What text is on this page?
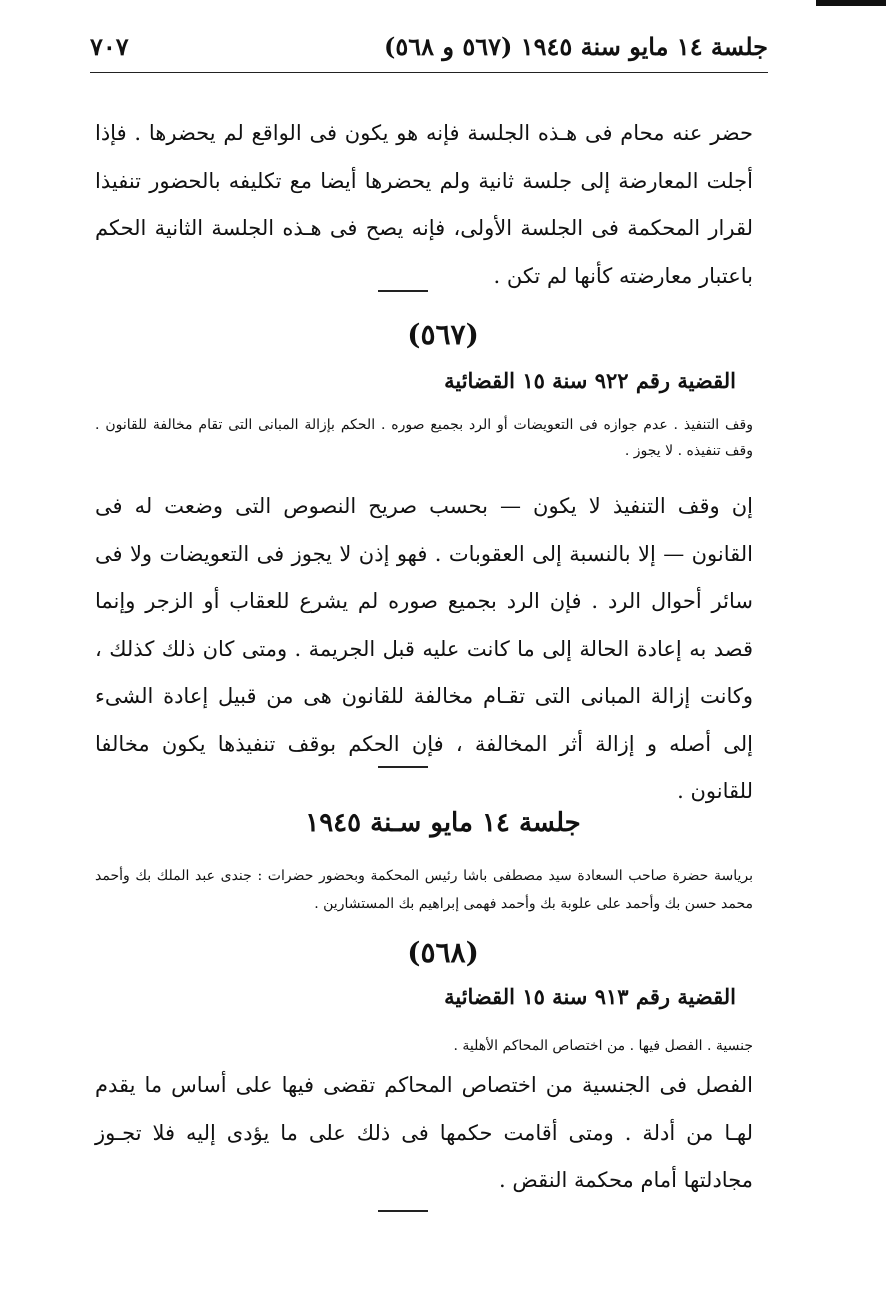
جلسة ١٤ مايو سنة ١٩٤٥ (٥٦٧ و ٥٦٨)
٧٠٧
حضر عنه محام فى هـذه الجلسة فإنه هو يكون فى الواقع لم يحضرها . فإذا أجلت المعارضة إلى جلسة ثانية ولم يحضرها أيضا مع تكليفه بالحضور تنفيذا لقرار المحكمة فى الجلسة الأولى، فإنه يصح فى هـذه الجلسة الثانية الحكم باعتبار معارضته كأنها لم تكن .
(٥٦٧)
القضية رقم ٩٢٢ سنة ١٥ القضائية
وقف التنفيذ . عدم جوازه فى التعويضات أو الرد بجميع صوره . الحكم بإزالة المبانى التى تقام مخالفة للقانون . وقف تنفيذه . لا يجوز .
إن وقف التنفيذ لا يكون — بحسب صريح النصوص التى وضعت له فى القانون — إلا بالنسبة إلى العقوبات . فهو إذن لا يجوز فى التعويضات ولا فى سائر أحوال الرد . فإن الرد بجميع صوره لم يشرع للعقاب أو الزجر وإنما قصد به إعادة الحالة إلى ما كانت عليه قبل الجريمة . ومتى كان ذلك كذلك ، وكانت إزالة المبانى التى تقـام مخالفة للقانون هى من قبيل إعادة الشىء إلى أصله و إزالة أثر المخالفة ، فإن الحكم بوقف تنفيذها يكون مخالفا للقانون .
جلسة ١٤ مايو سـنة ١٩٤٥
برياسة حضرة صاحب السعادة سيد مصطفى باشا رئيس المحكمة وبحضور حضرات : جندى عبد الملك بك وأحمد محمد حسن بك وأحمد على علوبة بك وأحمد فهمى إبراهيم بك المستشارين .
(٥٦٨)
القضية رقم ٩١٣ سنة ١٥ القضائية
جنسية . الفصل فيها . من اختصاص المحاكم الأهلية .
الفصل فى الجنسية من اختصاص المحاكم تقضى فيها على أساس ما يقدم لهـا من أدلة . ومتى أقامت حكمها فى ذلك على ما يؤدى إليه فلا تجـوز مجادلتها أمام محكمة النقض .
